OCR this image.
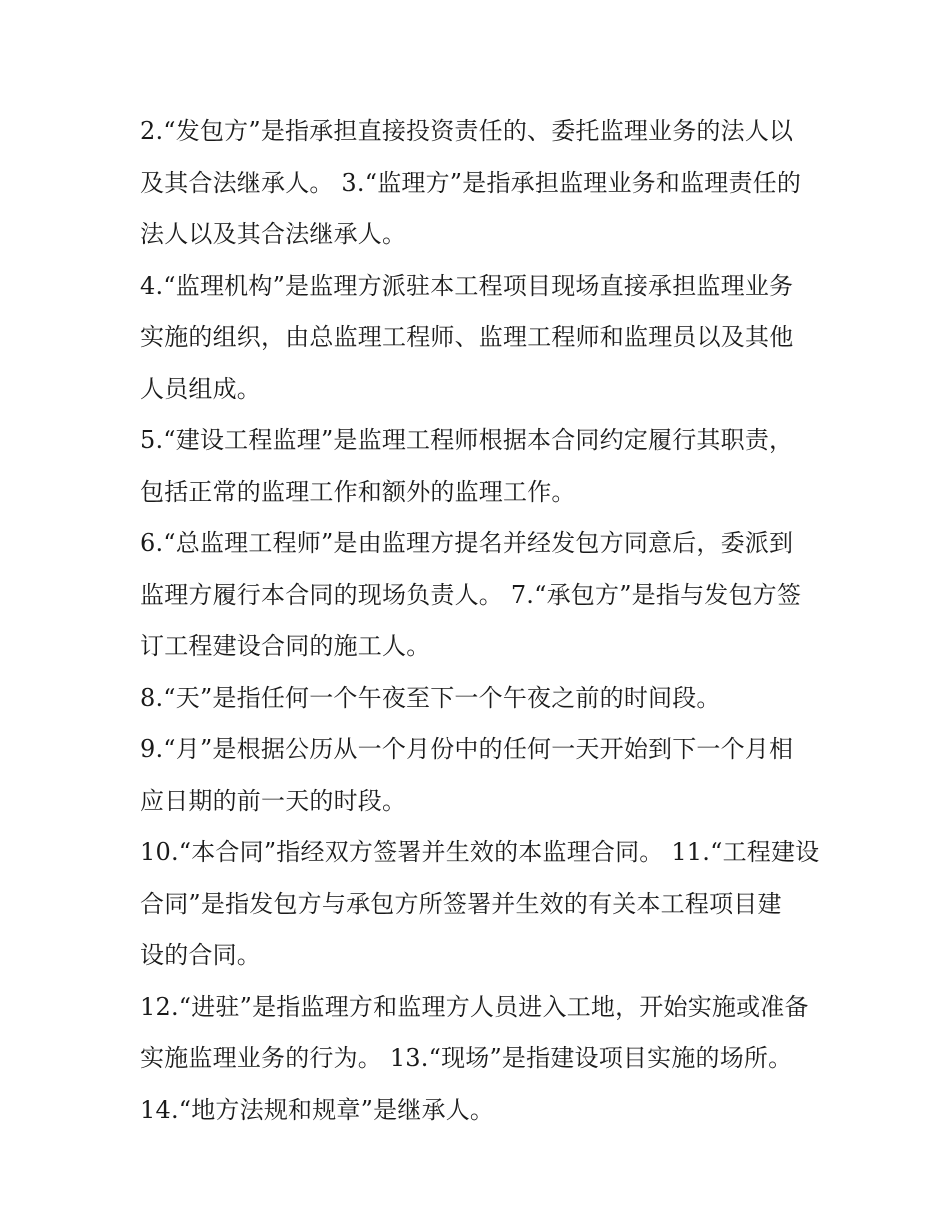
2.“发包方”是指承担直接投资责任的、委托监理业务的法人以

及其合法继承人。 3.“监理方”是指承担监理业务和监理责任的

法人以及其合法继承人。

4.“监理机构”是监理方派驻本工程项目现场直接承担监理业务

实施的组织，由总监理工程师、监理工程师和监理员以及其他

人员组成。

5.“建设工程监理”是监理工程师根据本合同约定履行其职责，

包括正常的监理工作和额外的监理工作。

6.“总监理工程师”是由监理方提名并经发包方同意后，委派到

监理方履行本合同的现场负责人。 7.“承包方”是指与发包方签

订工程建设合同的施工人。

8.“天”是指任何一个午夜至下一个午夜之前的时间段。

9.“月”是根据公历从一个月份中的任何一天开始到下一个月相

应日期的前一天的时段。

10.“本合同”指经双方签署并生效的本监理合同。 11.“工程建设

合同”是指发包方与承包方所签署并生效的有关本工程项目建

设的合同。

12.“进驻”是指监理方和监理方人员进入工地，开始实施或准备

实施监理业务的行为。 13.“现场”是指建设项目实施的场所。

14.“地方法规和规章”是继承人。
